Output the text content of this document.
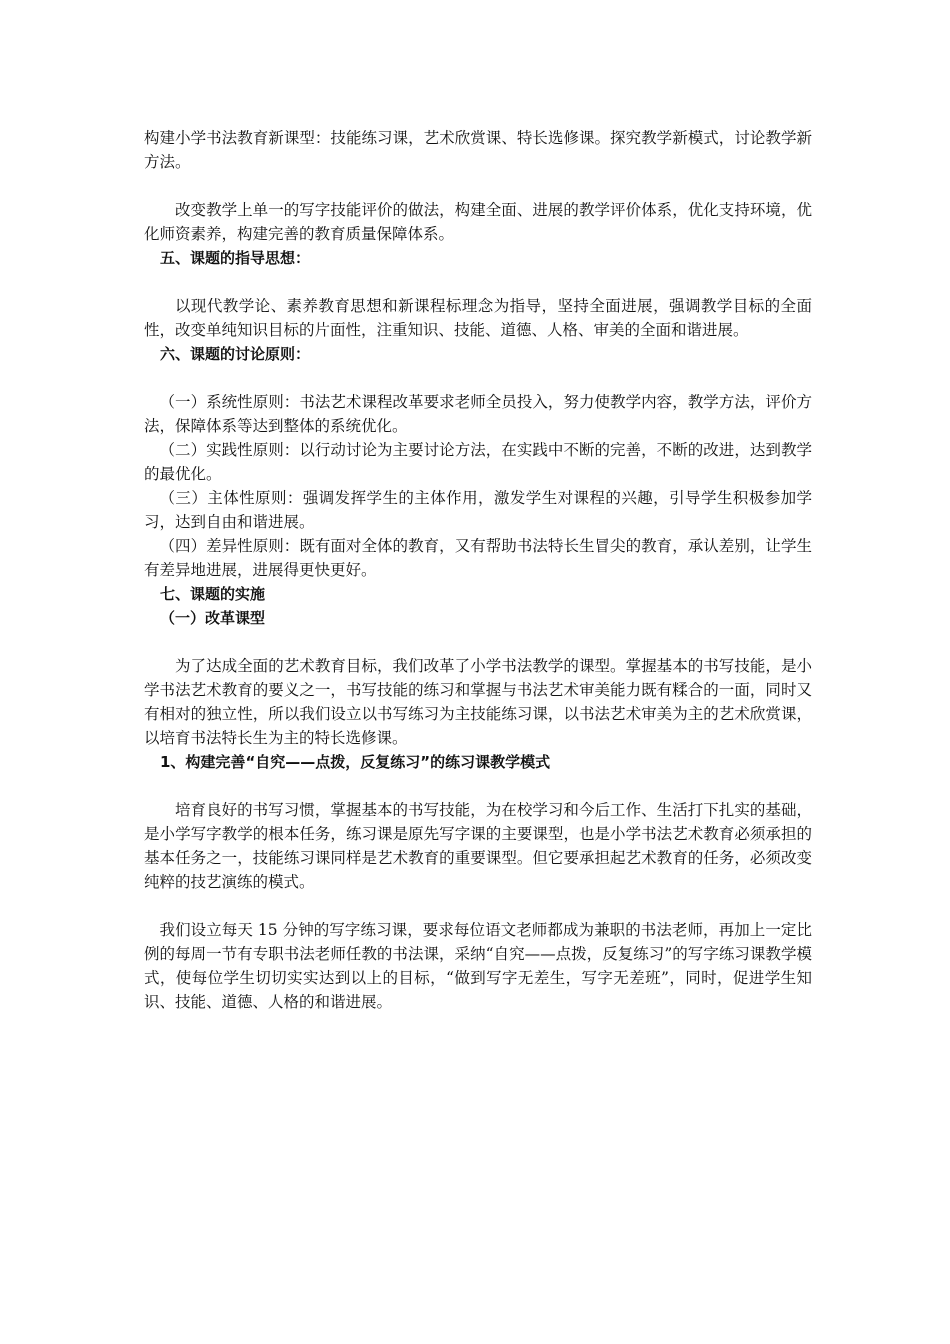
构建小学书法教育新课型：技能练习课，艺术欣赏课、特长选修课。探究教学新模式，讨论教学新方法。

改变教学上单一的写字技能评价的做法，构建全面、进展的教学评价体系，优化支持环境，优化师资素养，构建完善的教育质量保障体系。

五、课题的指导思想：

以现代教学论、素养教育思想和新课程标理念为指导，坚持全面进展，强调教学目标的全面性，改变单纯知识目标的片面性，注重知识、技能、道德、人格、审美的全面和谐进展。

六、课题的讨论原则：

（一）系统性原则：书法艺术课程改革要求老师全员投入，努力使教学内容，教学方法，评价方法，保障体系等达到整体的系统优化。

（二）实践性原则：以行动讨论为主要讨论方法，在实践中不断的完善，不断的改进，达到教学的最优化。

（三）主体性原则：强调发挥学生的主体作用，激发学生对课程的兴趣，引导学生积极参加学习，达到自由和谐进展。

（四）差异性原则：既有面对全体的教育，又有帮助书法特长生冒尖的教育，承认差别，让学生有差异地进展，进展得更快更好。

七、课题的实施

（一）改革课型

为了达成全面的艺术教育目标，我们改革了小学书法教学的课型。掌握基本的书写技能，是小学书法艺术教育的要义之一，书写技能的练习和掌握与书法艺术审美能力既有糅合的一面，同时又有相对的独立性，所以我们设立以书写练习为主技能练习课，以书法艺术审美为主的艺术欣赏课，以培育书法特长生为主的特长选修课。

1、构建完善“自究——点拨，反复练习”的练习课教学模式

培育良好的书写习惯，掌握基本的书写技能，为在校学习和今后工作、生活打下扎实的基础，是小学写字教学的根本任务，练习课是原先写字课的主要课型，也是小学书法艺术教育必须承担的基本任务之一，技能练习课同样是艺术教育的重要课型。但它要承担起艺术教育的任务，必须改变纯粹的技艺演练的模式。

我们设立每天 15 分钟的写字练习课，要求每位语文老师都成为兼职的书法老师，再加上一定比例的每周一节有专职书法老师任教的书法课，采纳“自究——点拨，反复练习”的写字练习课教学模式，使每位学生切切实实达到以上的目标，“做到写字无差生，写字无差班”，同时，促进学生知识、技能、道德、人格的和谐进展。
